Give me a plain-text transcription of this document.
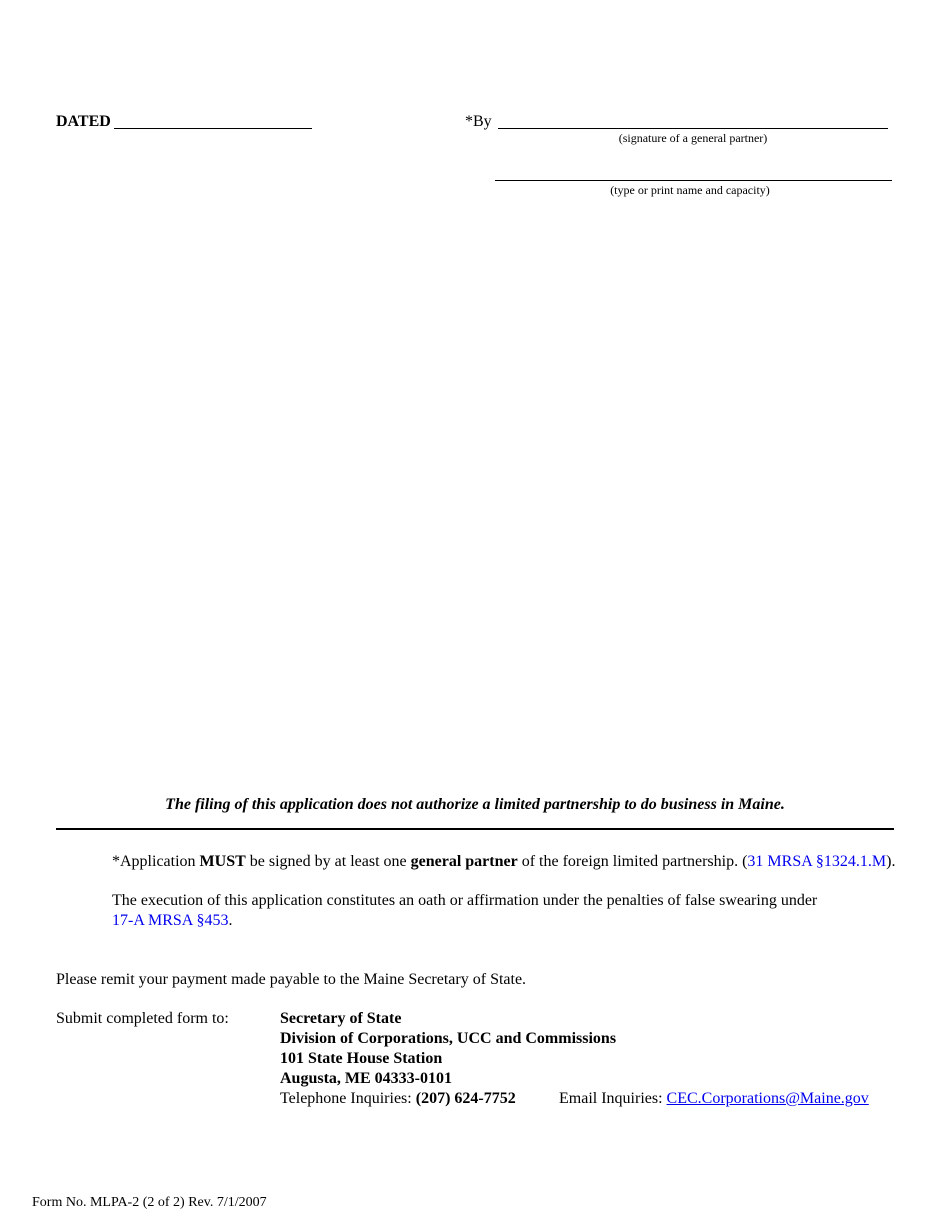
DATED	*By
(signature of a general partner)
(type or print name and capacity)
The filing of this application does not authorize a limited partnership to do business in Maine.
*Application MUST be signed by at least one general partner of the foreign limited partnership. (31 MRSA §1324.1.M).
The execution of this application constitutes an oath or affirmation under the penalties of false swearing under
17-A MRSA §453.
Please remit your payment made payable to the Maine Secretary of State.
Submit completed form to:	Secretary of State
Division of Corporations, UCC and Commissions
101 State House Station
Augusta, ME 04333-0101
Telephone Inquiries: (207) 624-7752	Email Inquiries: CEC.Corporations@Maine.gov
Form No. MLPA-2 (2 of 2) Rev. 7/1/2007
